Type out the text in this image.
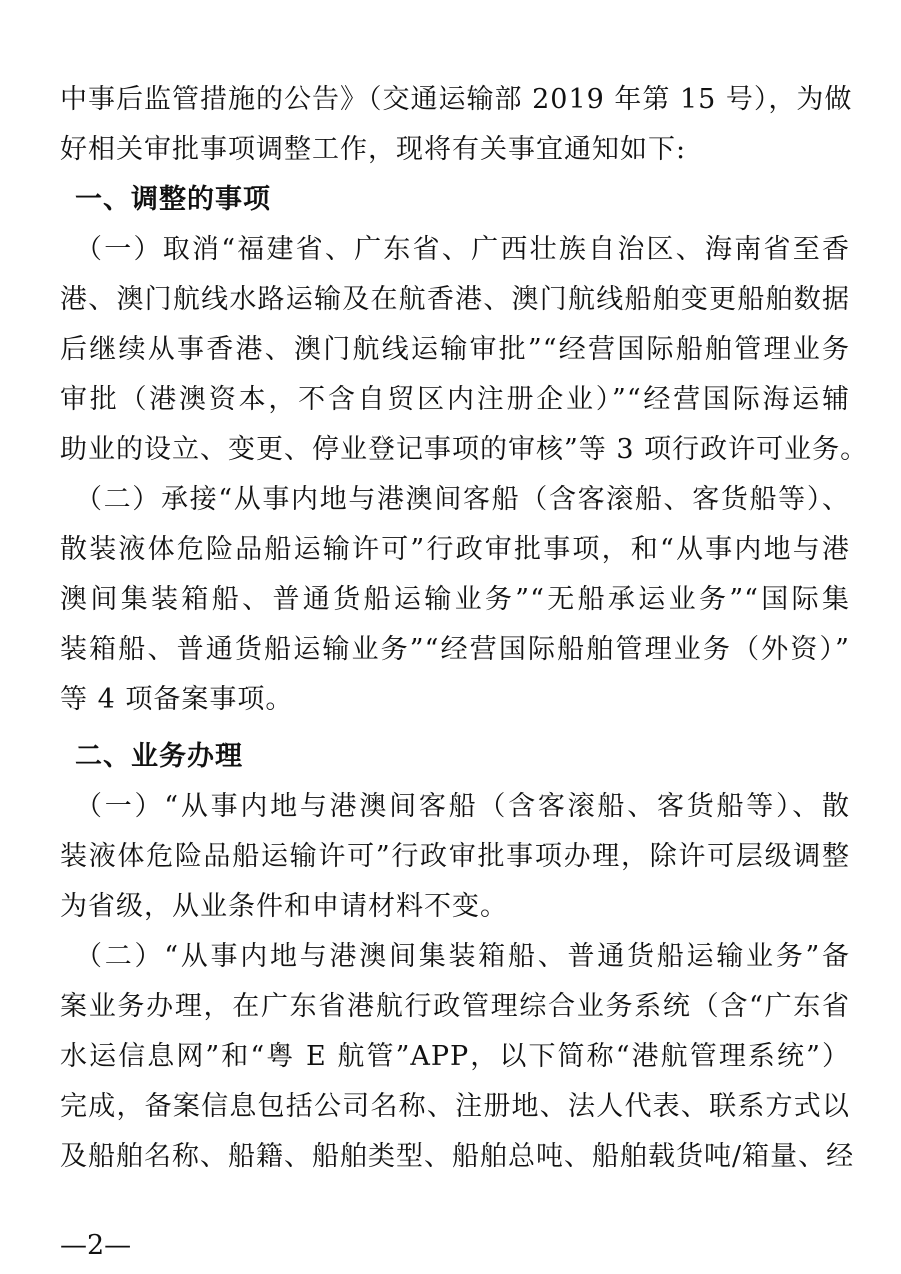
中事后监管措施的公告》（交通运输部 2019 年第 15 号），为做
好相关审批事项调整工作，现将有关事宜通知如下:
一、调整的事项
（一）取消“福建省、广东省、广西壮族自治区、海南省至香
港、澳门航线水路运输及在航香港、澳门航线船舶变更船舶数据
后继续从事香港、澳门航线运输审批”“经营国际船舶管理业务
审批（港澳资本，不含自贸区内注册企业）”“经营国际海运辅
助业的设立、变更、停业登记事项的审核”等 3 项行政许可业务。
（二）承接“从事内地与港澳间客船（含客滚船、客货船等）、
散装液体危险品船运输许可”行政审批事项，和“从事内地与港
澳间集装箱船、普通货船运输业务”“无船承运业务”“国际集
装箱船、普通货船运输业务”“经营国际船舶管理业务（外资）”
等 4 项备案事项。
二、业务办理
（一）“从事内地与港澳间客船（含客滚船、客货船等）、散
装液体危险品船运输许可”行政审批事项办理，除许可层级调整
为省级，从业条件和申请材料不变。
（二）“从事内地与港澳间集装箱船、普通货船运输业务”备
案业务办理，在广东省港航行政管理综合业务系统（含“广东省
水运信息网”和“粤 E 航管”APP，以下简称“港航管理系统”）
完成，备案信息包括公司名称、注册地、法人代表、联系方式以
及船舶名称、船籍、船舶类型、船舶总吨、船舶载货吨/箱量、经
—2—
